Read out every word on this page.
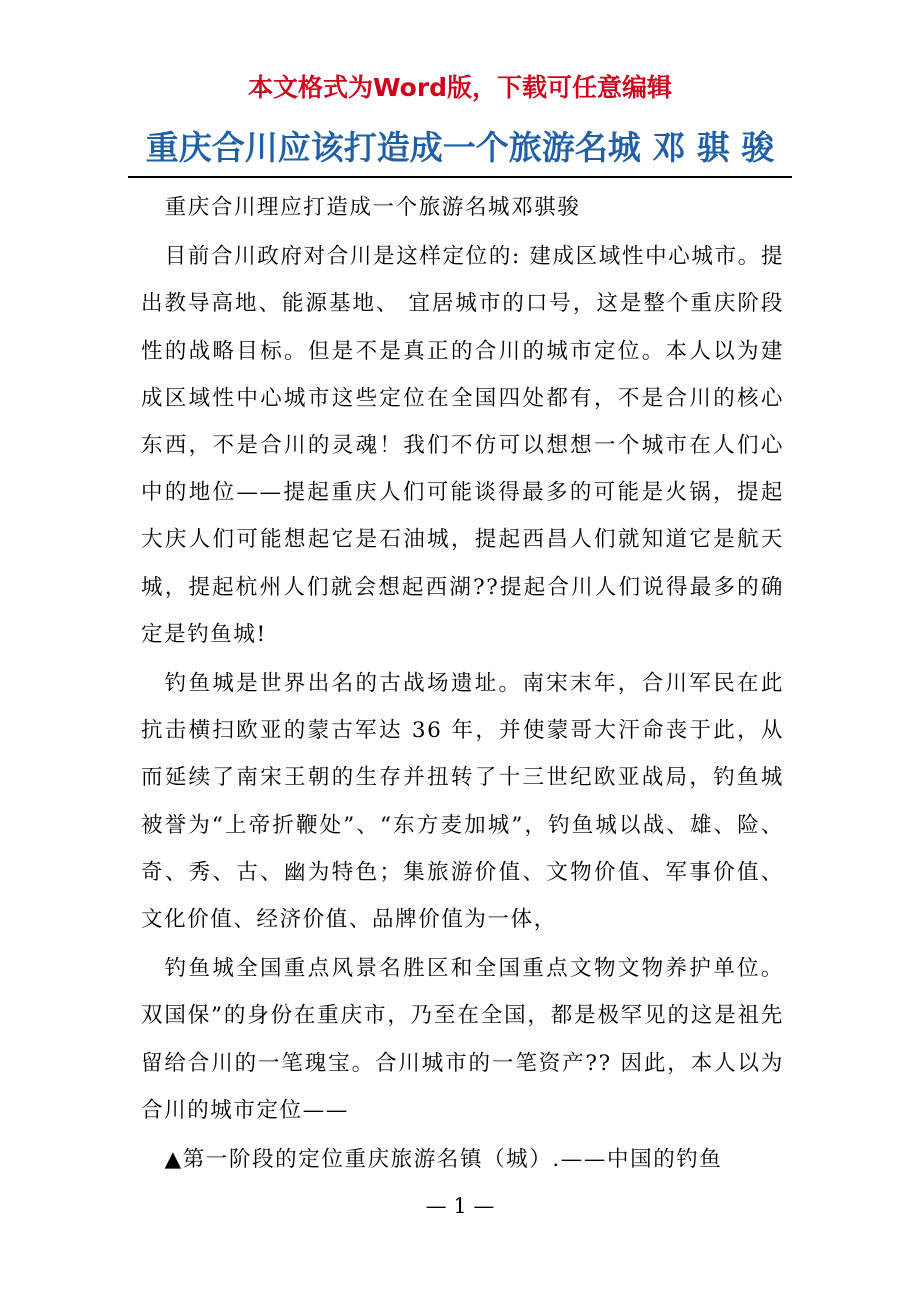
本文格式为Word版，下载可任意编辑
重庆合川应该打造成一个旅游名城 邓 骐 骏

重庆合川理应打造成一个旅游名城邓骐骏

目前合川政府对合川是这样定位的: 建成区域性中心城市。提出教导高地、能源基地、 宜居城市的口号，这是整个重庆阶段性的战略目标。但是不是真正的合川的城市定位。本人以为建成区域性中心城市这些定位在全国四处都有，不是合川的核心东西，不是合川的灵魂！我们不仿可以想想一个城市在人们心中的地位——提起重庆人们可能谈得最多的可能是火锅，提起大庆人们可能想起它是石油城，提起西昌人们就知道它是航天城，提起杭州人们就会想起西湖??提起合川人们说得最多的确定是钓鱼城!

钓鱼城是世界出名的古战场遗址。南宋末年，合川军民在此抗击横扫欧亚的蒙古军达 36 年，并使蒙哥大汗命丧于此，从而延续了南宋王朝的生存并扭转了十三世纪欧亚战局，钓鱼城被誉为“上帝折鞭处”、“东方麦加城”，钓鱼城以战、雄、险、奇、秀、古、幽为特色；集旅游价值、文物价值、军事价值、文化价值、经济价值、品牌价值为一体，

钓鱼城全国重点风景名胜区和全国重点文物文物养护单位。双国保”的身份在重庆市，乃至在全国，都是极罕见的这是祖先留给合川的一笔瑰宝。合川城市的一笔资产?? 因此，本人以为合川的城市定位——

▲第一阶段的定位重庆旅游名镇（城）.——中国的钓鱼

— 1 —
